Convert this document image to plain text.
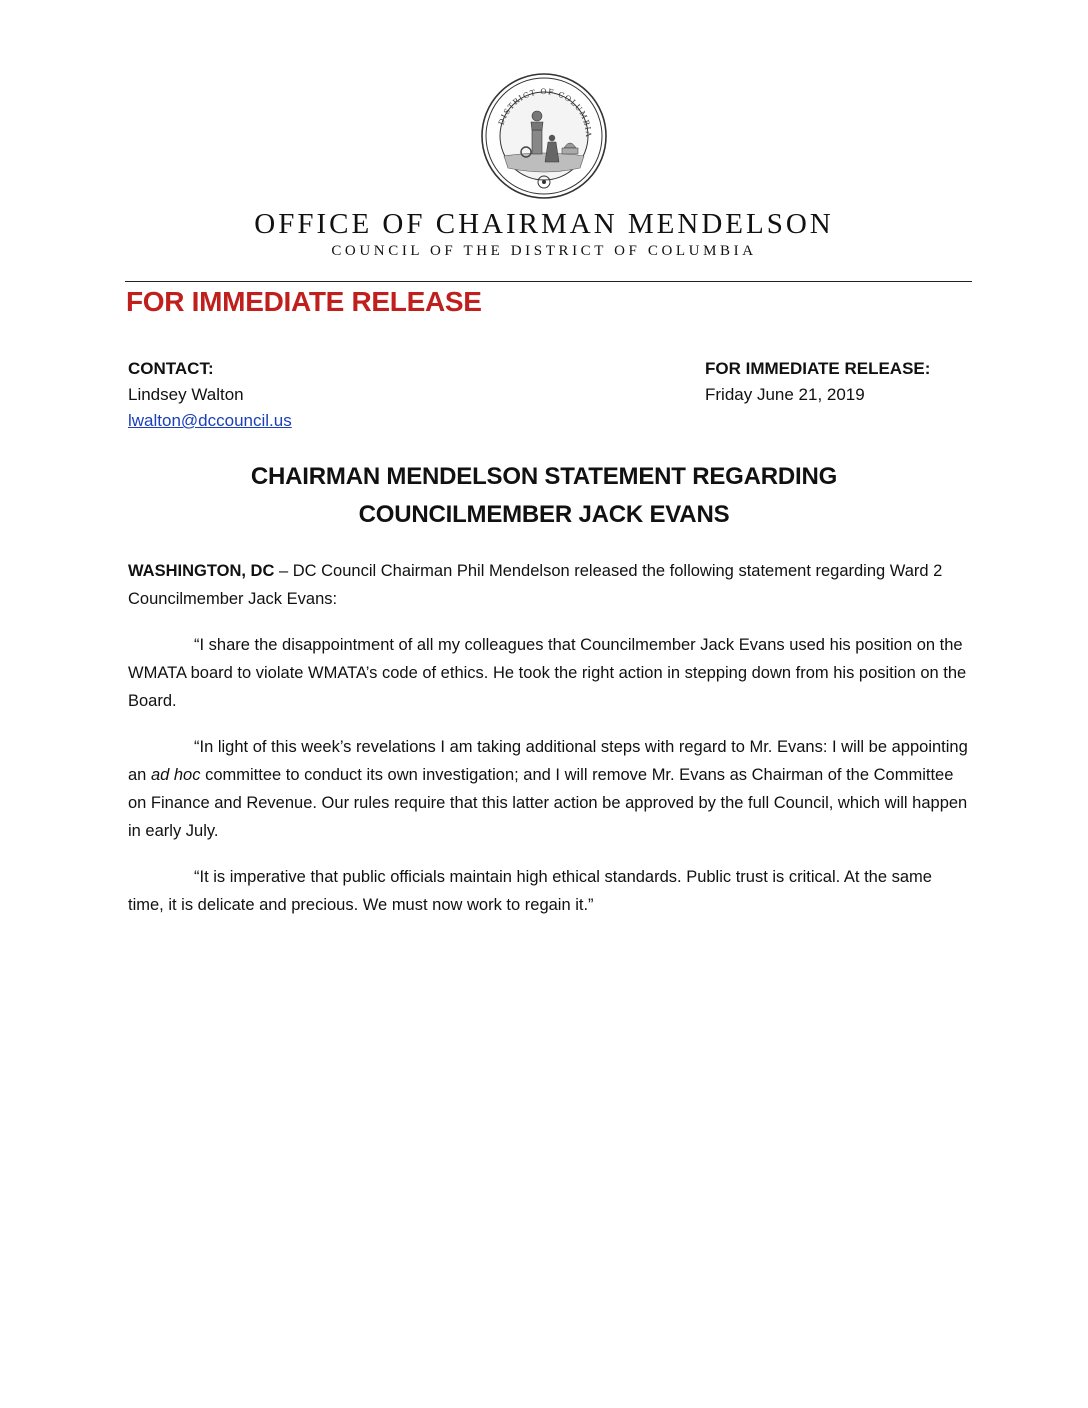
DISTRICT OF COLUMBIA
OFFICE OF CHAIRMAN MENDELSON
COUNCIL OF THE DISTRICT OF COLUMBIA
FOR IMMEDIATE RELEASE
CONTACT:
Lindsey Walton
lwalton@dccouncil.us
FOR IMMEDIATE RELEASE:
Friday June 21, 2019
CHAIRMAN MENDELSON STATEMENT REGARDING
COUNCILMEMBER JACK EVANS

WASHINGTON, DC – DC Council Chairman Phil Mendelson released the following statement regarding Ward 2 Councilmember Jack Evans:

“I share the disappointment of all my colleagues that Councilmember Jack Evans used his position on the WMATA board to violate WMATA’s code of ethics. He took the right action in stepping down from his position on the Board.

“In light of this week’s revelations I am taking additional steps with regard to Mr. Evans: I will be appointing an ad hoc committee to conduct its own investigation; and I will remove Mr. Evans as Chairman of the Committee on Finance and Revenue. Our rules require that this latter action be approved by the full Council, which will happen in early July.

“It is imperative that public officials maintain high ethical standards. Public trust is critical. At the same time, it is delicate and precious. We must now work to regain it.”
